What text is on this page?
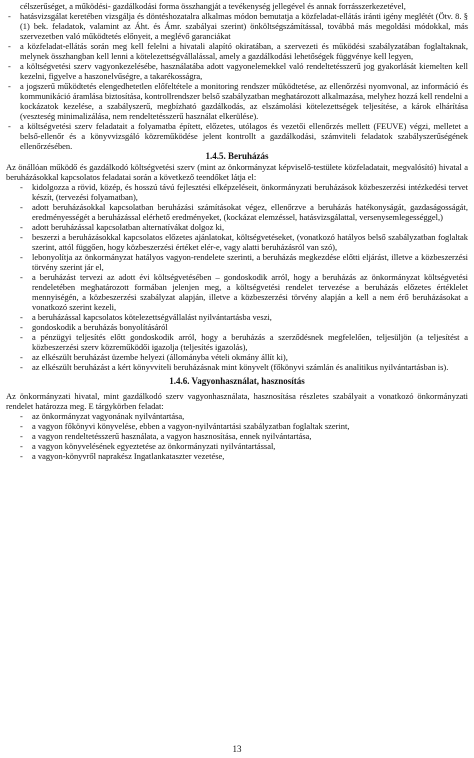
célszerűséget, a működési- gazdálkodási forma összhangját a tevékenység jellegével és annak forrásszerkezetével,

- hatásvizsgálat keretében vizsgálja és döntéshozatalra alkalmas módon bemutatja a közfeladat-ellátás iránti igény meglétét (Ötv. 8. § (1) bek. feladatok, valamint az Áht. és Ámr. szabályai szerint) önköltségszámítással, továbbá más megoldási módokkal, más szervezetben való működtetés előnyeit, a meglévő garanciákat

- a közfeladat-ellátás során meg kell felelni a hivatali alapító okiratában, a szervezeti és működési szabályzatában foglaltaknak, melynek összhangban kell lenni a kötelezettségvállalással, amely a gazdálkodási lehetőségek függvénye kell legyen,

- a költségvetési szerv vagyonkezelésébe, használatába adott vagyonelemekkel való rendeltetésszerű jog gyakorlását kiemelten kell kezelni, figyelve a haszonelvűségre, a takarékosságra,

- a jogszerű működtetés elengedhetetlen előfeltétele a monitoring rendszer működtetése, az ellenőrzési nyomvonal, az információ és kommunikáció áramlása biztosítása, kontrollrendszer belső szabályzatban meghatározott alkalmazása, melyhez hozzá kell rendelni a kockázatok kezelése, a szabályszerű, megbízható gazdálkodás, az elszámolási kötelezettségek teljesítése, a károk elhárítása (veszteség minimalizálása, nem rendeltetésszerű használat elkerülése).

- a költségvetési szerv feladatait a folyamatba épített, előzetes, utólagos és vezetői ellenőrzés mellett (FEUVE) végzi, melletet a belső-ellenőr és a könyvvizsgáló közreműködése jelent kontrollt a gazdálkodási, számviteli feladatok szabályszerűségének ellenőrzésében.

1.4.5. Beruházás

Az önállóan működő és gazdálkodó költségvetési szerv (mint az önkormányzat képviselő-testülete közfeladatait, megvalósító) hivatal a beruházásokkal kapcsolatos feladatai során a következő teendőket látja el:

- kidolgozza a rövid, közép, és hosszú távú fejlesztési elképzeléseit, önkormányzati beruházások közbeszerzési intézkedési tervet készít, (tervezési folyamatban),

- adott beruházásokkal kapcsolatban beruházási számításokat végez, ellenőrzve a beruházás hatékonyságát, gazdaságosságát, eredményességét a beruházással elérhető eredményeket, (kockázat elemzéssel, hatásvizsgálattal, versenysemlegességgel,)

- adott beruházással kapcsolatban alternatívákat dolgoz ki,

- beszerzi a beruházásokkal kapcsolatos előzetes ajánlatokat, költségvetéseket, (vonatkozó hatályos belső szabályzatban foglaltak szerint, attól függően, hogy közbeszerzési értéket elér-e, vagy alatti beruházásról van szó),

- lebonyolítja az önkormányzat hatályos vagyon-rendelete szerinti, a beruházás megkezdése előtti eljárást, illetve a közbeszerzési törvény szerint jár el,

- a beruházást tervezi az adott évi költségvetésében – gondoskodik arról, hogy a beruházás az önkormányzat költségvetési rendeletében meghatározott formában jelenjen meg, a költségvetési rendelet tervezése a beruházás előzetes értéklelet mennyiségén, a közbeszerzési szabályzat alapján, illetve a közbeszerzési törvény alapján a kell a nem érő beruházásokat a vonatkozó szerint kezeli,

- a beruházással kapcsolatos kötelezettségvállalást nyilvántartásba veszi,

- gondoskodik a beruházás bonyolításáról

- a pénzügyi teljesítés előtt gondoskodik arról, hogy a beruházás a szerződésnek megfelelően, teljesüljön (a teljesítést a közbeszerzési szerv közreműködői igazolja (teljesítés igazolás),

- az elkészült beruházást üzembe helyezi (állományba vételi okmány állít ki),

- az elkészült beruházást a kért könyvviteli beruházásnak mint könyvelt (főkönyvi számlán és analitikus nyilvántartásban is).

1.4.6. Vagyonhasználat, hasznosítás

Az önkormányzati hivatal, mint gazdálkodó szerv vagyonhasználata, hasznosítása részletes szabályait a vonatkozó önkormányzati rendelet határozza meg. E tárgykörben feladat:

- az önkormányzat vagyonának nyilvántartása,

- a vagyon főkönyvi könyvelése, ebben a vagyon-nyilvántartási szabályzatban foglaltak szerint,

- a vagyon rendeltetésszerű használata, a vagyon hasznosítása, ennek nyilvántartása,

- a vagyon könyvelésének egyeztetése az önkormányzati nyilvántartással,

- a vagyon-könyvről naprakész Ingatlankataszter vezetése,

13
